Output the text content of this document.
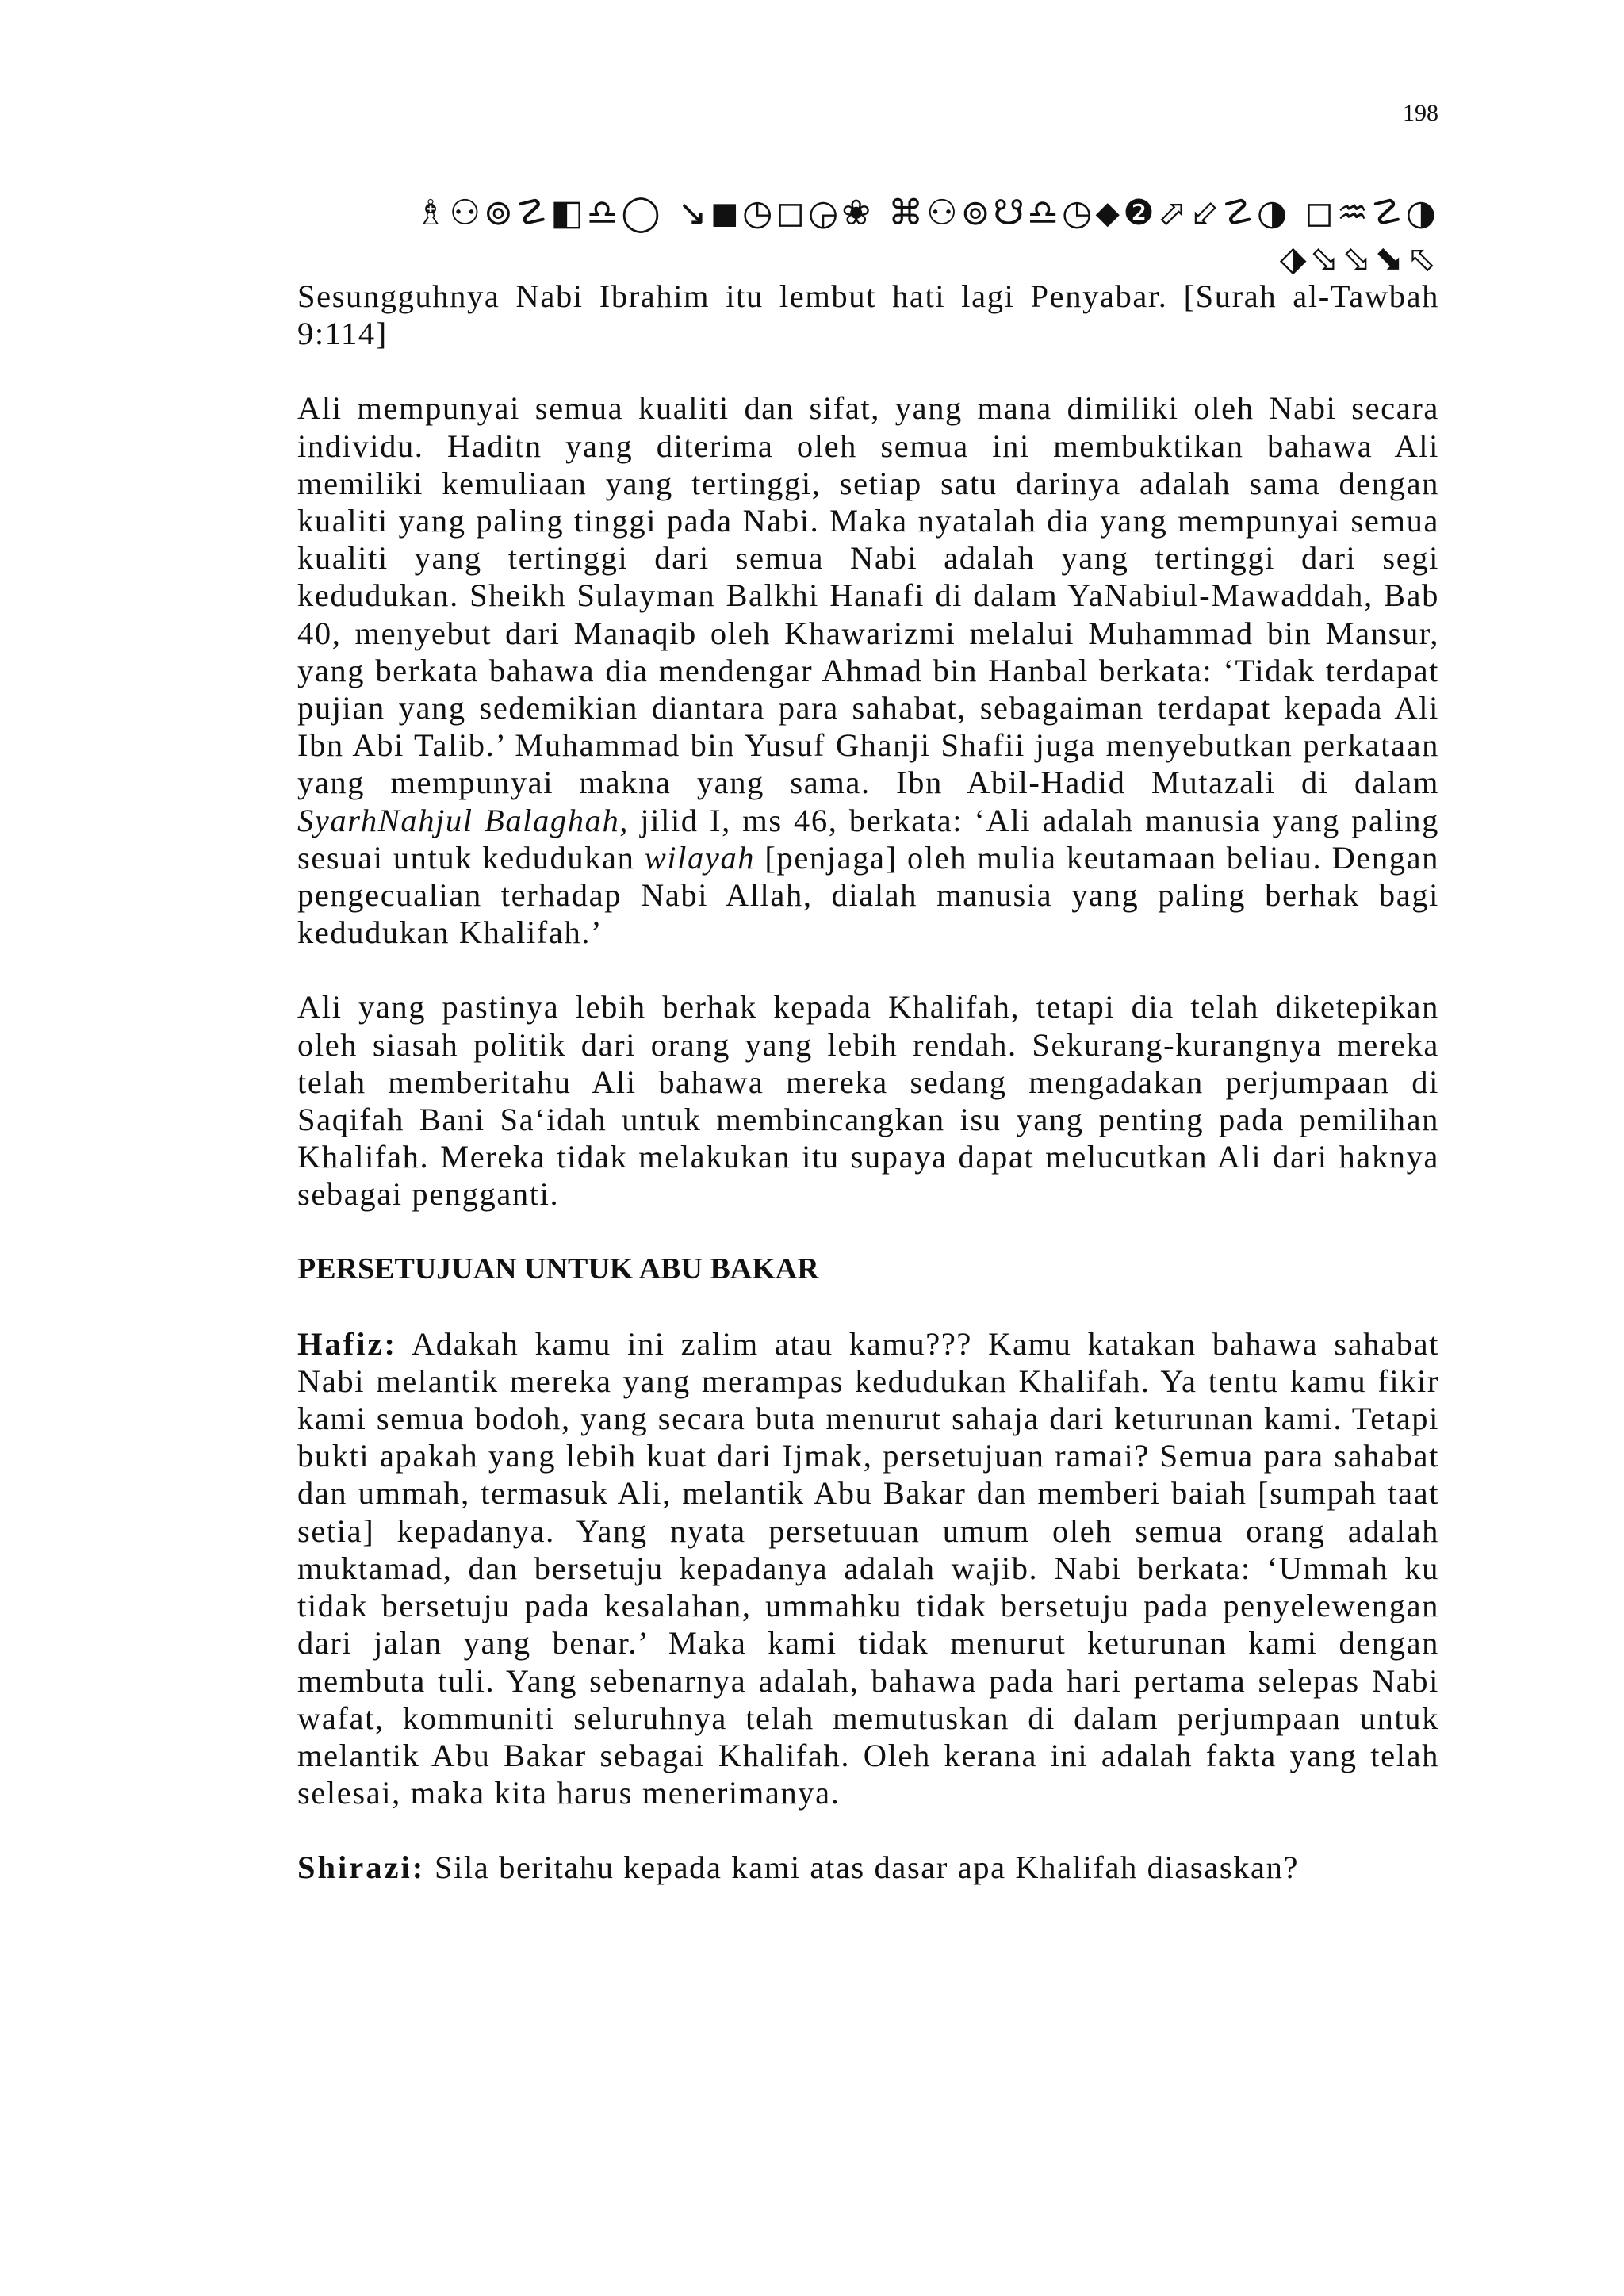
198
♗⚇⊚☡◧♎◯ ↘◼◷◻◶❀ ⌘⚇⊚☋♎◷⬥❷⬀⬃☡◑ ◻♒☡◑
⬗⬂⬂⬊⬁

Sesungguhnya Nabi Ibrahim itu lembut hati lagi Penyabar. [Surah al-Tawbah 9:114]

Ali mempunyai semua kualiti dan sifat, yang mana dimiliki oleh Nabi secara individu. Haditn yang diterima oleh semua ini membuktikan bahawa Ali memiliki kemuliaan yang tertinggi, setiap satu darinya adalah sama dengan kualiti yang paling tinggi pada Nabi. Maka nyatalah dia yang mempunyai semua kualiti yang tertinggi dari semua Nabi adalah yang tertinggi dari segi kedudukan. Sheikh Sulayman Balkhi Hanafi di dalam YaNabiul-Mawaddah, Bab 40, menyebut dari Manaqib oleh Khawarizmi melalui Muhammad bin Mansur, yang berkata bahawa dia mendengar Ahmad bin Hanbal berkata: ‘Tidak terdapat pujian yang sedemikian diantara para sahabat, sebagaiman terdapat kepada Ali Ibn Abi Talib.’ Muhammad bin Yusuf Ghanji Shafii juga menyebutkan perkataan yang mempunyai makna yang sama. Ibn Abil-Hadid Mutazali di dalam SyarhNahjul Balaghah, jilid I, ms 46, berkata: ‘Ali adalah manusia yang paling sesuai untuk kedudukan wilayah [penjaga] oleh mulia keutamaan beliau. Dengan pengecualian terhadap Nabi Allah, dialah manusia yang paling berhak bagi kedudukan Khalifah.’

Ali yang pastinya lebih berhak kepada Khalifah, tetapi dia telah diketepikan oleh siasah politik dari orang yang lebih rendah. Sekurang-kurangnya mereka telah memberitahu Ali bahawa mereka sedang mengadakan perjumpaan di Saqifah Bani Sa‘idah untuk membincangkan isu yang penting pada pemilihan Khalifah. Mereka tidak melakukan itu supaya dapat melucutkan Ali dari haknya sebagai pengganti.

PERSETUJUAN UNTUK ABU BAKAR

Hafiz: Adakah kamu ini zalim atau kamu??? Kamu katakan bahawa sahabat Nabi melantik mereka yang merampas kedudukan Khalifah. Ya tentu kamu fikir kami semua bodoh, yang secara buta menurut sahaja dari keturunan kami. Tetapi bukti apakah yang lebih kuat dari Ijmak, persetujuan ramai? Semua para sahabat dan ummah, termasuk Ali, melantik Abu Bakar dan memberi baiah [sumpah taat setia] kepadanya. Yang nyata persetuuan umum oleh semua orang adalah muktamad, dan bersetuju kepadanya adalah wajib. Nabi berkata: ‘Ummah ku tidak bersetuju pada kesalahan, ummahku tidak bersetuju pada penyelewengan dari jalan yang benar.’ Maka kami tidak menurut keturunan kami dengan membuta tuli. Yang sebenarnya adalah, bahawa pada hari pertama selepas Nabi wafat, kommuniti seluruhnya telah memutuskan di dalam perjumpaan untuk melantik Abu Bakar sebagai Khalifah. Oleh kerana ini adalah fakta yang telah selesai, maka kita harus menerimanya.

Shirazi: Sila beritahu kepada kami atas dasar apa Khalifah diasaskan?
